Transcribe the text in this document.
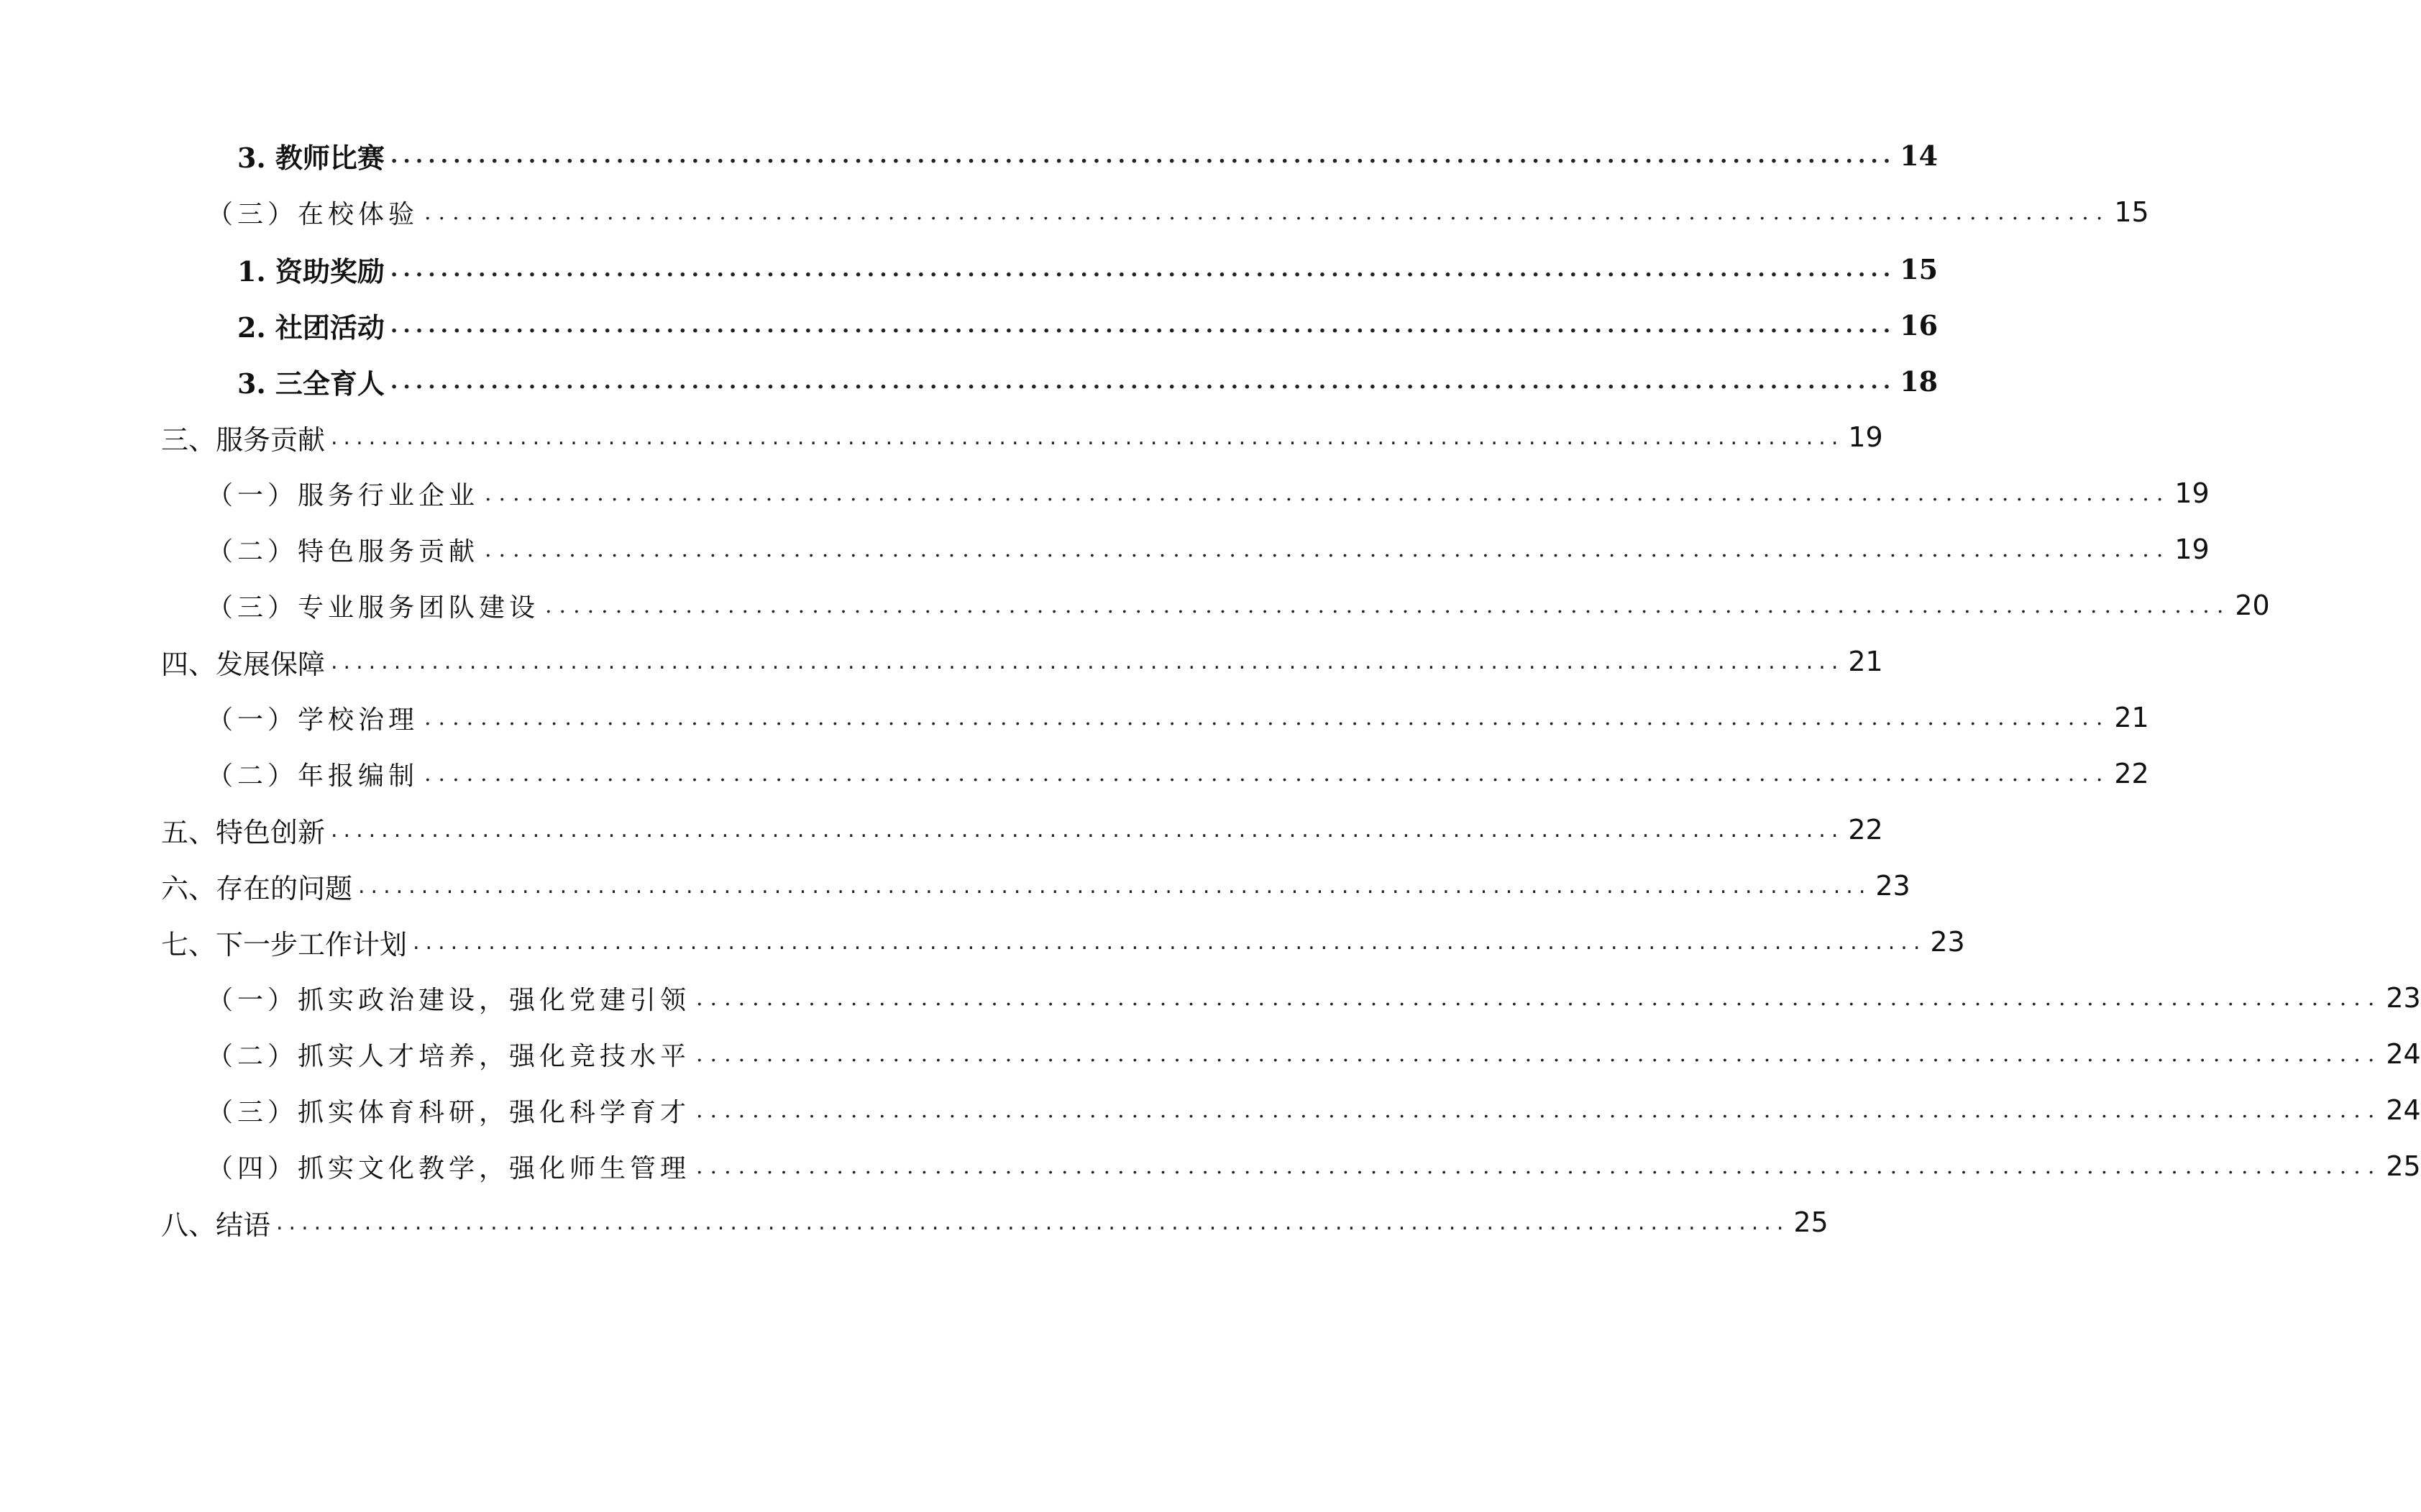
3. 教师比赛 ........................................................................................................................ 14
（三）在校体验 ........................................................................................................................ 15
1. 资助奖励 ........................................................................................................................ 15
2. 社团活动 ........................................................................................................................ 16
3. 三全育人 ........................................................................................................................ 18
三、服务贡献 ........................................................................................................................ 19
（一）服务行业企业 ........................................................................................................................ 19
（二）特色服务贡献 ........................................................................................................................ 19
（三）专业服务团队建设 ........................................................................................................................ 20
四、发展保障 ........................................................................................................................ 21
（一）学校治理 ........................................................................................................................ 21
（二）年报编制 ........................................................................................................................ 22
五、特色创新 ........................................................................................................................ 22
六、存在的问题 ........................................................................................................................ 23
七、下一步工作计划 ........................................................................................................................ 23
（一）抓实政治建设，强化党建引领 ........................................................................................................................ 23
（二）抓实人才培养，强化竞技水平 ........................................................................................................................ 24
（三）抓实体育科研，强化科学育才 ........................................................................................................................ 24
（四）抓实文化教学，强化师生管理 ........................................................................................................................ 25
八、结语 ........................................................................................................................ 25
